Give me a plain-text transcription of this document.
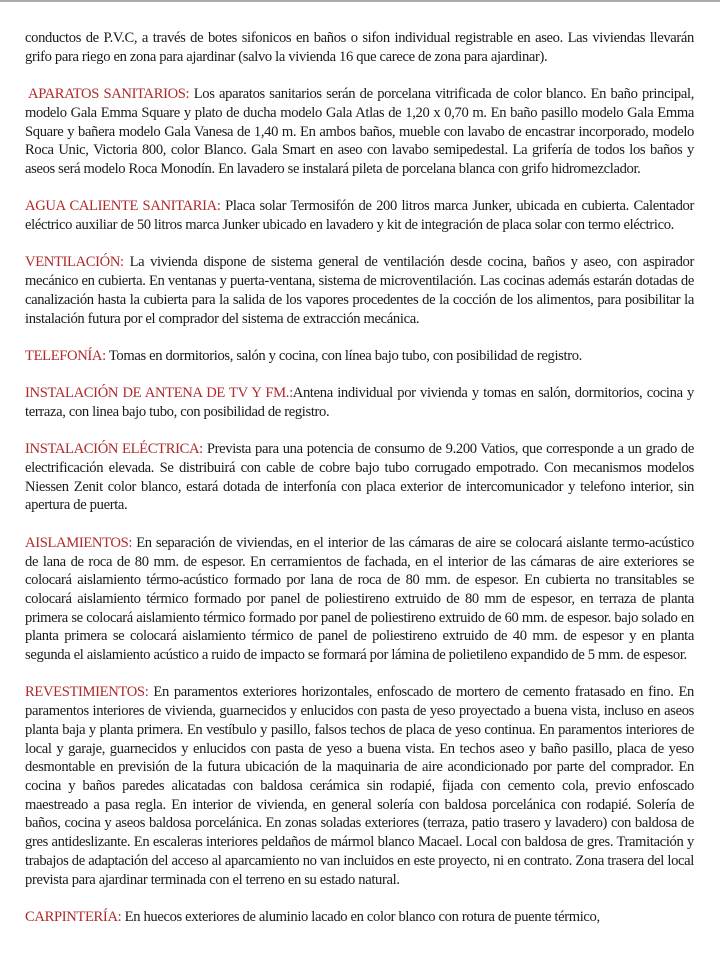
conductos de P.V.C, a través de botes sifonicos en baños o sifon individual registrable en aseo. Las viviendas llevarán grifo para riego en zona para ajardinar (salvo la vivienda 16 que carece de zona para ajardinar).

APARATOS SANITARIOS: Los aparatos sanitarios serán de porcelana vitrificada de color blanco. En baño principal, modelo Gala Emma Square y plato de ducha modelo Gala Atlas de 1,20 x 0,70 m. En baño pasillo modelo Gala Emma Square y bañera modelo Gala Vanesa de 1,40 m. En ambos baños, mueble con lavabo de encastrar incorporado, modelo Roca Unic, Victoria 800, color Blanco. Gala Smart en aseo con lavabo semipedestal. La grifería de todos los baños y aseos será modelo Roca Monodín. En lavadero se instalará pileta de porcelana blanca con grifo hidromezclador.

AGUA CALIENTE SANITARIA: Placa solar Termosifón de 200 litros marca Junker, ubicada en cubierta. Calentador eléctrico auxiliar de 50 litros marca Junker ubicado en lavadero y kit de integración de placa solar con termo eléctrico.

VENTILACIÓN: La vivienda dispone de sistema general de ventilación desde cocina, baños y aseo, con aspirador mecánico en cubierta. En ventanas y puerta-ventana, sistema de microventilación. Las cocinas además estarán dotadas de canalización hasta la cubierta para la salida de los vapores procedentes de la cocción de los alimentos, para posibilitar la instalación futura por el comprador del sistema de extracción mecánica.

TELEFONÍA: Tomas en dormitorios, salón y cocina, con línea bajo tubo, con posibilidad de registro.

INSTALACIÓN DE ANTENA DE TV Y FM.:Antena individual por vivienda y tomas en salón, dormitorios, cocina y terraza, con linea bajo tubo, con posibilidad de registro.

INSTALACIÓN ELÉCTRICA: Prevista para una potencia de consumo de 9.200 Vatios, que corresponde a un grado de electrificación elevada. Se distribuirá con cable de cobre bajo tubo corrugado empotrado. Con mecanismos modelos Niessen Zenit color blanco, estará dotada de interfonía con placa exterior de intercomunicador y telefono interior, sin apertura de puerta.

AISLAMIENTOS: En separación de viviendas, en el interior de las cámaras de aire se colocará aislante termo-acústico de lana de roca de 80 mm. de espesor. En cerramientos de fachada, en el interior de las cámaras de aire exteriores se colocará aislamiento térmo-acústico formado por lana de roca de 80 mm. de espesor. En cubierta no transitables se colocará aislamiento térmico formado por panel de poliestireno extruido de 80 mm de espesor, en terraza de planta primera se colocará aislamiento térmico formado por panel de poliestireno extruido de 60 mm. de espesor. bajo solado en planta primera se colocará aislamiento térmico de panel de poliestireno extruido de 40 mm. de espesor y en planta segunda el aislamiento acústico a ruido de impacto se formará por lámina de polietileno expandido de 5 mm. de espesor.

REVESTIMIENTOS: En paramentos exteriores horizontales, enfoscado de mortero de cemento fratasado en fino. En paramentos interiores de vivienda, guarnecidos y enlucidos con pasta de yeso proyectado a buena vista, incluso en aseos planta baja y planta primera. En vestíbulo y pasillo, falsos techos de placa de yeso continua. En paramentos interiores de local y garaje, guarnecidos y enlucidos con pasta de yeso a buena vista. En techos aseo y baño pasillo, placa de yeso desmontable en previsión de la futura ubicación de la maquinaria de aire acondicionado por parte del comprador. En cocina y baños paredes alicatadas con baldosa cerámica sin rodapié, fijada con cemento cola, previo enfoscado maestreado a pasa regla. En interior de vivienda, en general solería con baldosa porcelánica con rodapié. Solería de baños, cocina y aseos baldosa porcelánica. En zonas soladas exteriores (terraza, patio trasero y lavadero) con baldosa de gres antideslizante. En escaleras interiores peldaños de mármol blanco Macael. Local con baldosa de gres. Tramitación y trabajos de adaptación del acceso al aparcamiento no van incluidos en este proyecto, ni en contrato. Zona trasera del local prevista para ajardinar terminada con el terreno en su estado natural.

CARPINTERÍA: En huecos exteriores de aluminio lacado en color blanco con rotura de puente térmico,
